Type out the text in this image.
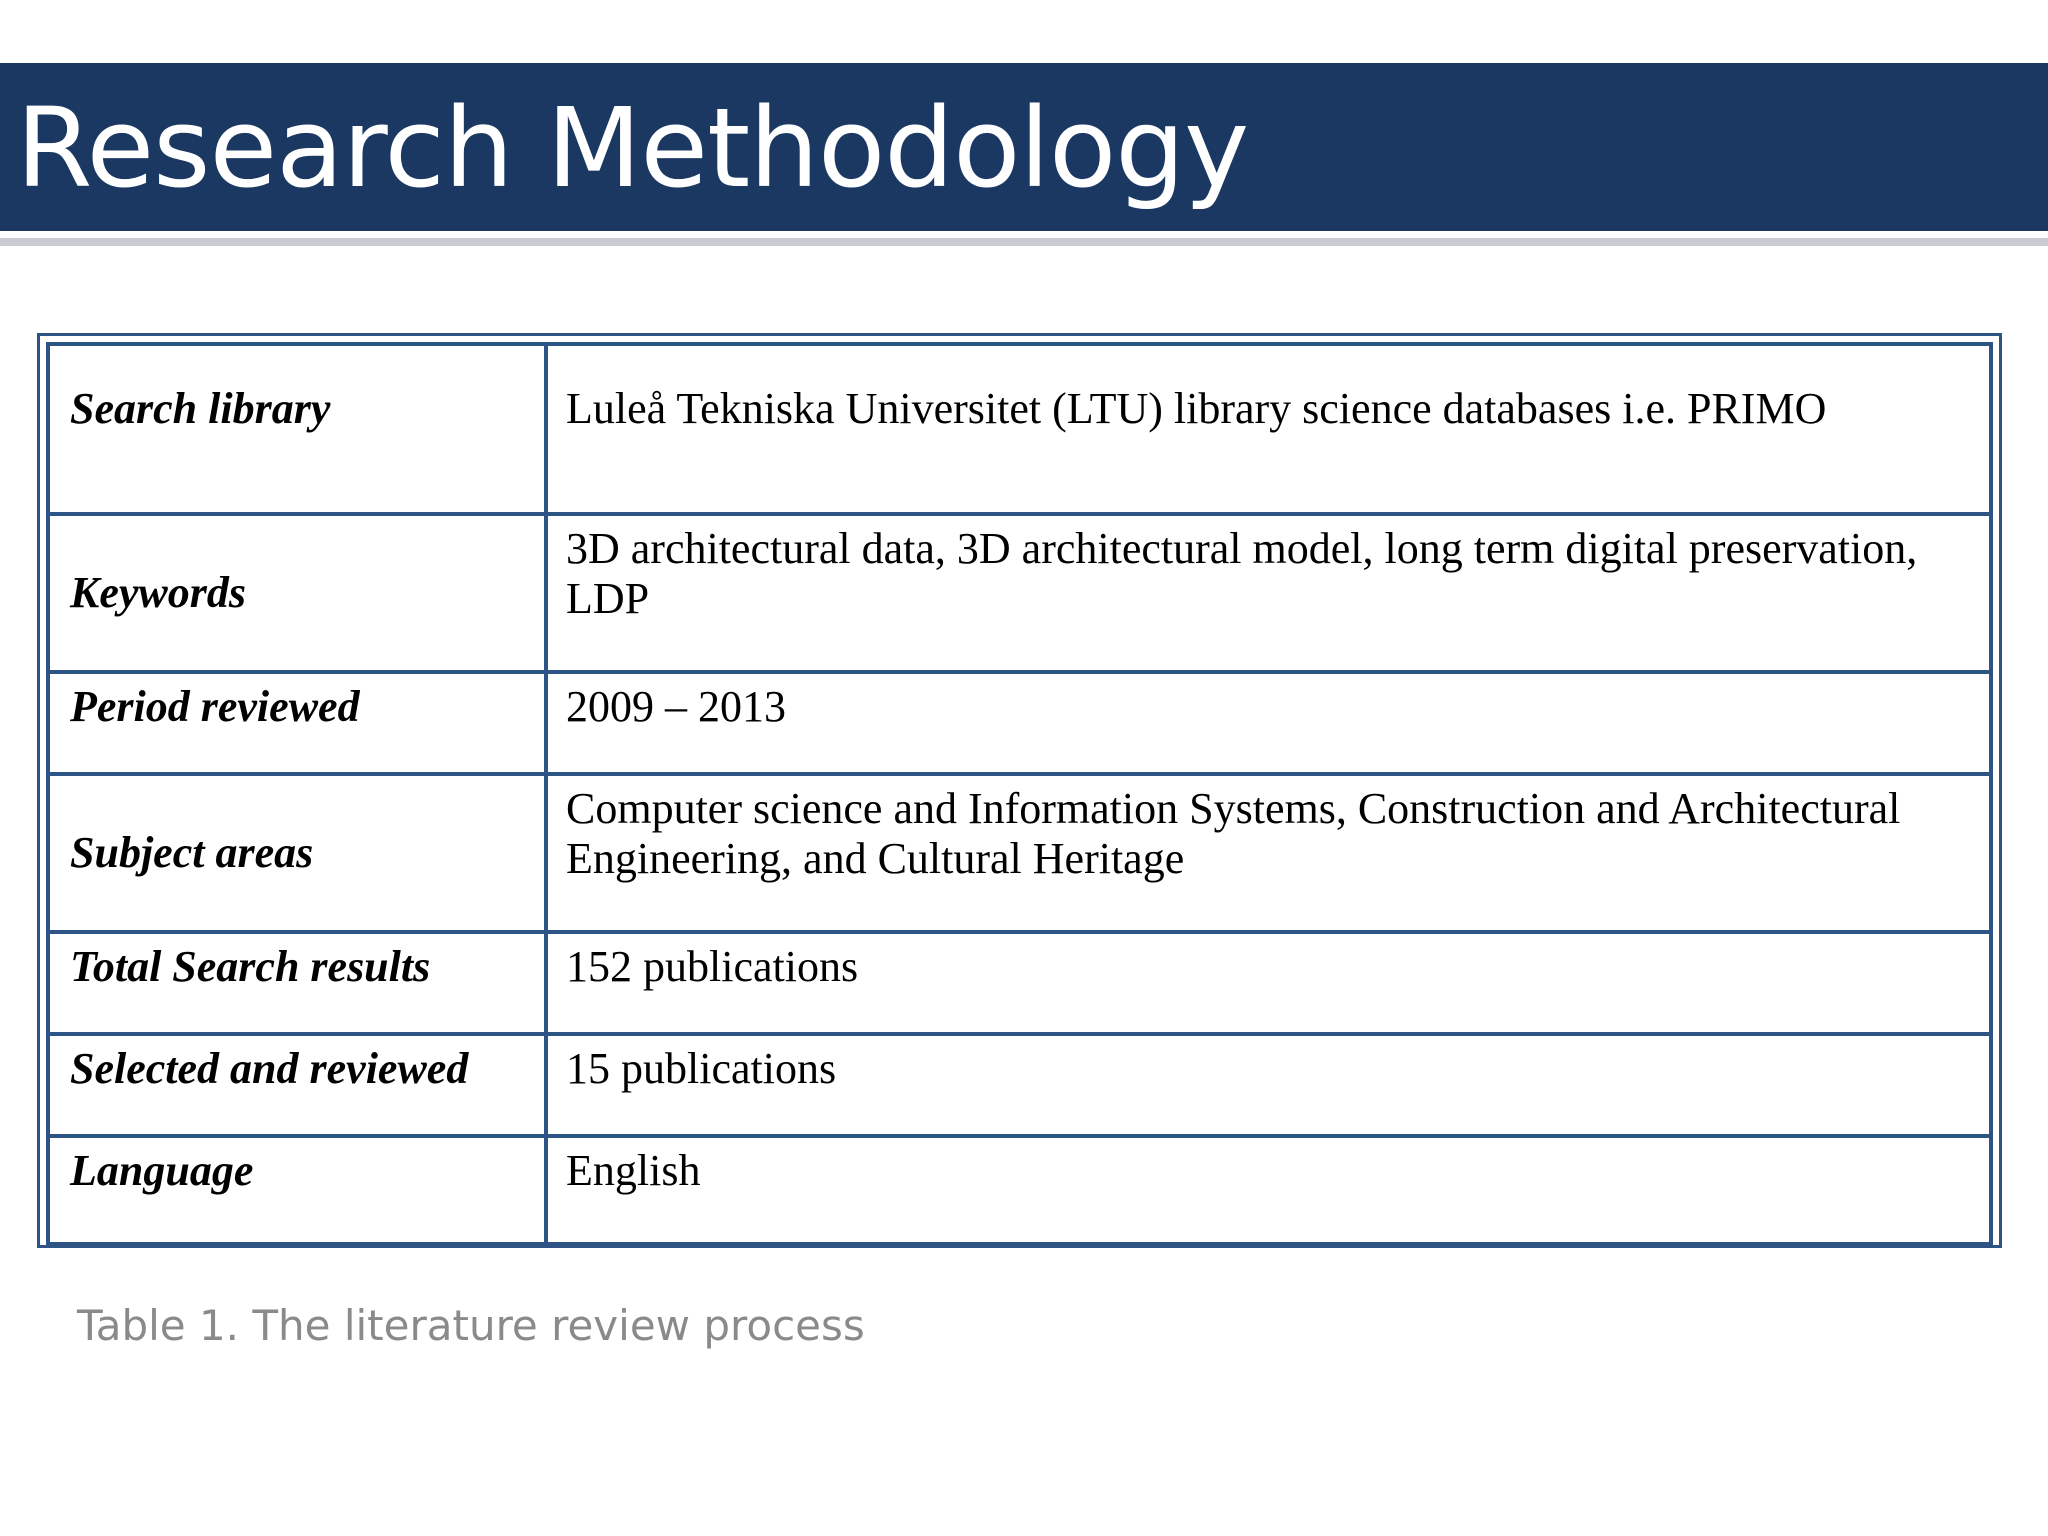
Research Methodology
Search library	Luleå Tekniska Universitet (LTU) library science databases i.e. PRIMO
Keywords	3D architectural data, 3D architectural model, long term digital preservation, LDP
Period reviewed	2009 – 2013
Subject areas	Computer science and Information Systems, Construction and Architectural Engineering, and Cultural Heritage
Total Search results	152 publications
Selected and reviewed	15 publications
Language	English
Table 1. The literature review process
